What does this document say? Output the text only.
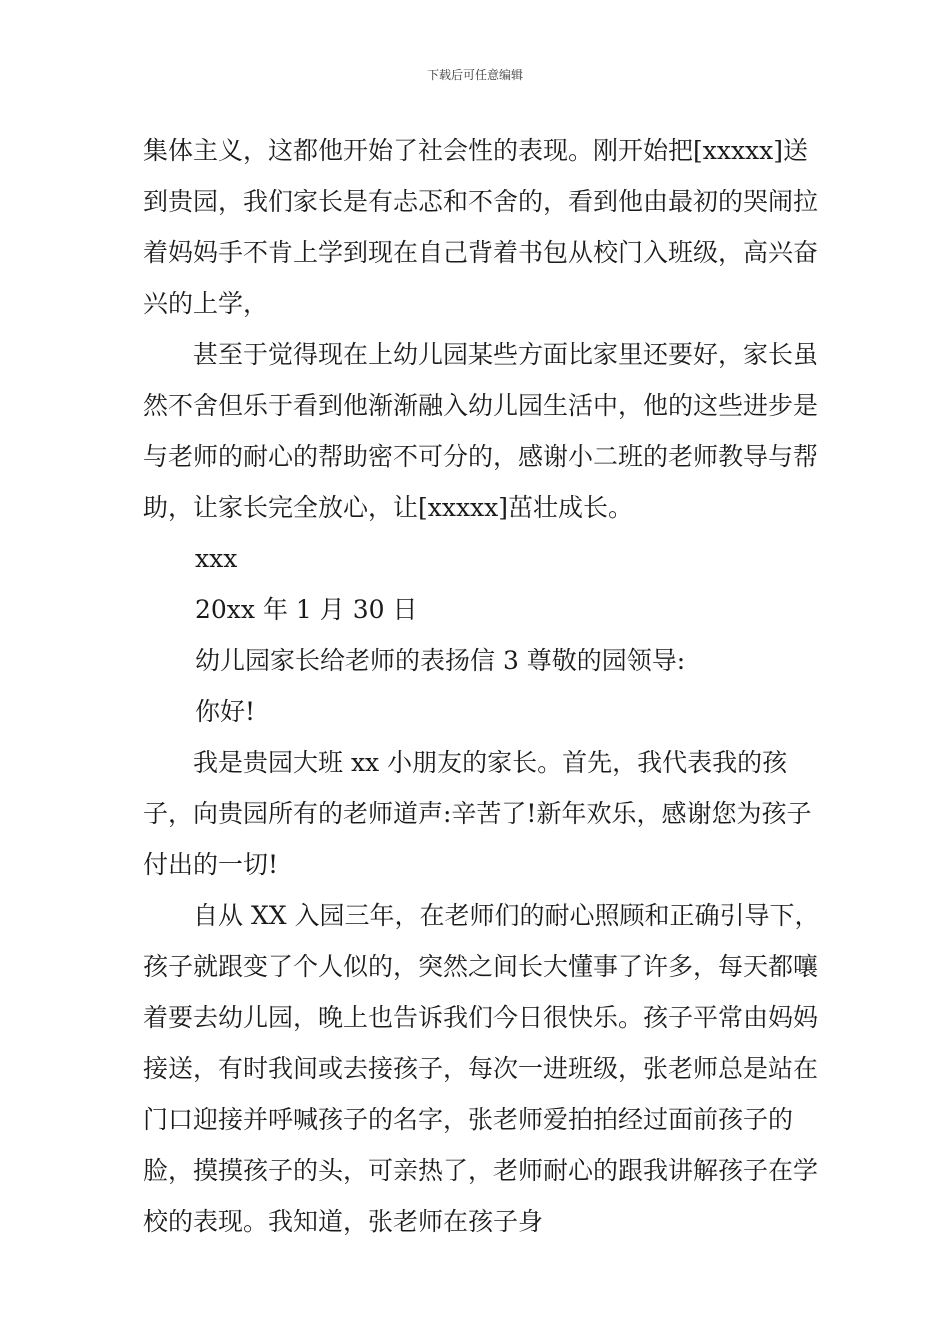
下载后可任意编辑

集体主义，这都他开始了社会性的表现。刚开始把[xxxxx]送到贵园，我们家长是有忐忑和不舍的，看到他由最初的哭闹拉着妈妈手不肯上学到现在自己背着书包从校门入班级，高兴奋兴的上学，

甚至于觉得现在上幼儿园某些方面比家里还要好，家长虽然不舍但乐于看到他渐渐融入幼儿园生活中，他的这些进步是与老师的耐心的帮助密不可分的，感谢小二班的老师教导与帮助，让家长完全放心，让[xxxxx]茁壮成长。

xxx

20xx 年 1 月 30 日

幼儿园家长给老师的表扬信 3 尊敬的园领导:

你好!

我是贵园大班 xx 小朋友的家长。首先，我代表我的孩子，向贵园所有的老师道声:辛苦了!新年欢乐，感谢您为孩子付出的一切!

自从 XX 入园三年，在老师们的耐心照顾和正确引导下，孩子就跟变了个人似的，突然之间长大懂事了许多，每天都嚷着要去幼儿园，晚上也告诉我们今日很快乐。孩子平常由妈妈接送，有时我间或去接孩子，每次一进班级，张老师总是站在门口迎接并呼喊孩子的名字，张老师爱拍拍经过面前孩子的脸，摸摸孩子的头，可亲热了，老师耐心的跟我讲解孩子在学校的表现。我知道，张老师在孩子身
